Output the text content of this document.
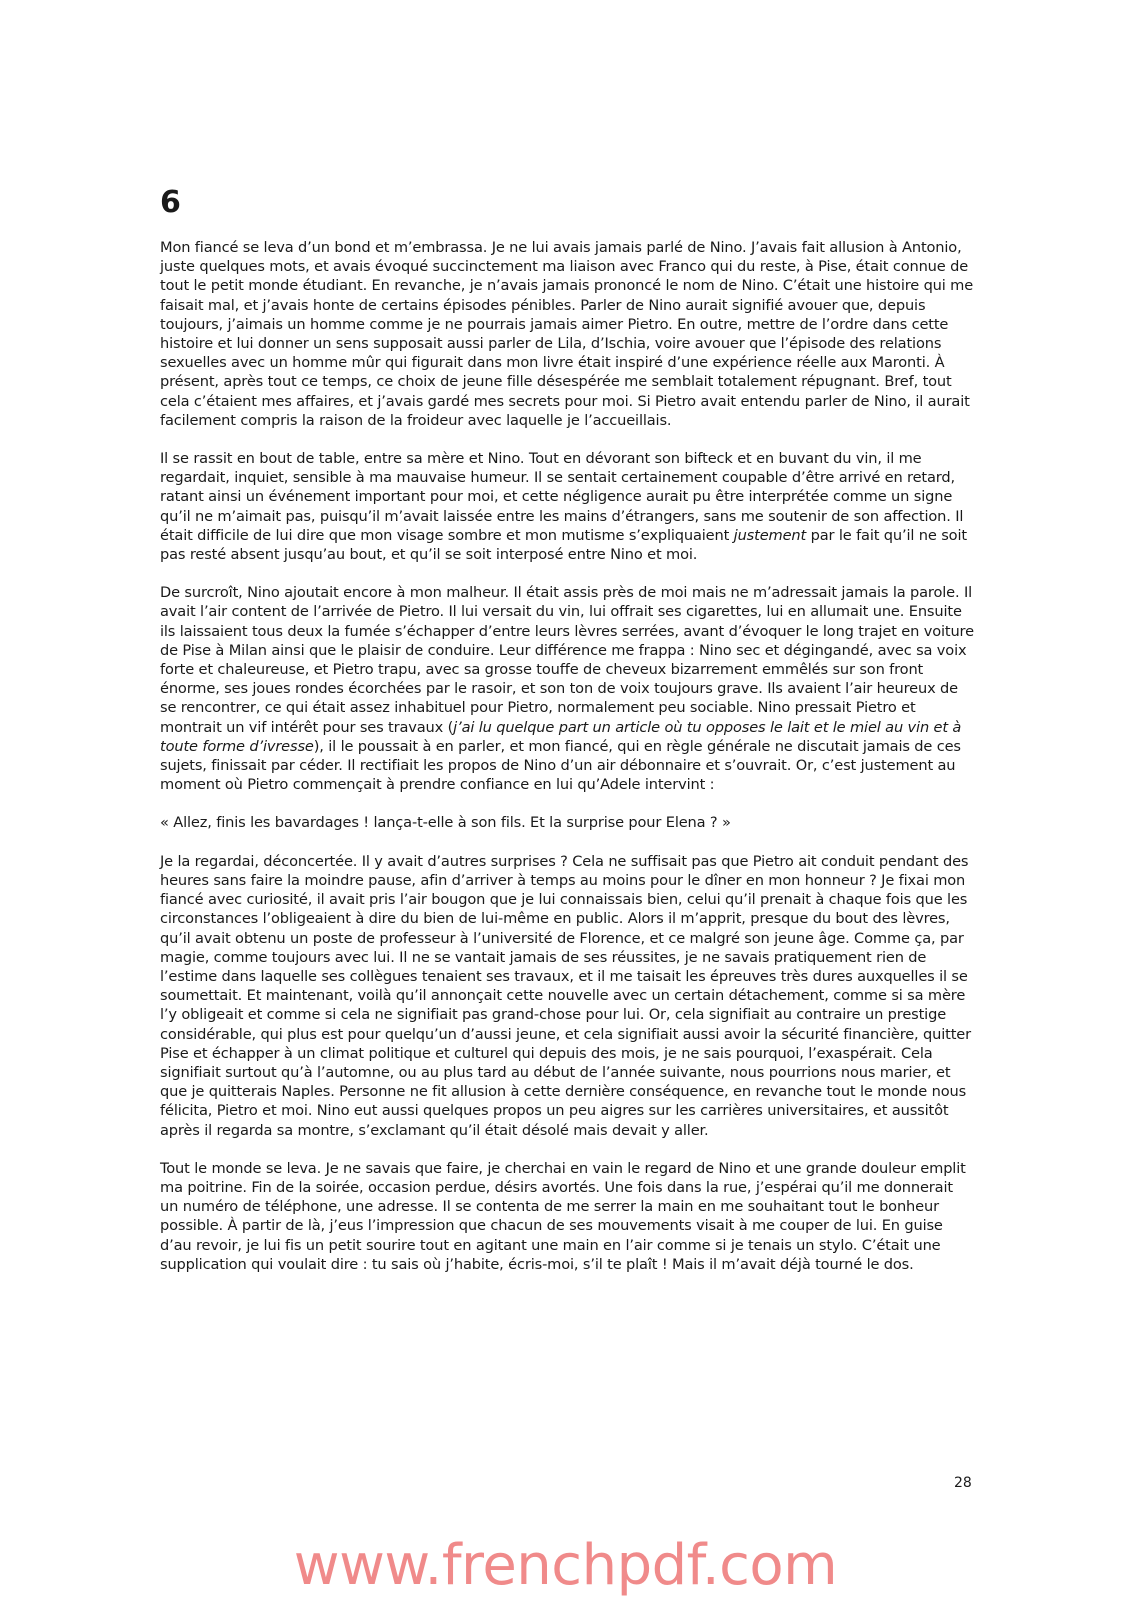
6

Mon fiancé se leva d’un bond et m’embrassa. Je ne lui avais jamais parlé de Nino. J’avais fait allusion à Antonio, juste quelques mots, et avais évoqué succinctement ma liaison avec Franco qui du reste, à Pise, était connue de tout le petit monde étudiant. En revanche, je n’avais jamais prononcé le nom de Nino. C’était une histoire qui me faisait mal, et j’avais honte de certains épisodes pénibles. Parler de Nino aurait signifié avouer que, depuis toujours, j’aimais un homme comme je ne pourrais jamais aimer Pietro. En outre, mettre de l’ordre dans cette histoire et lui donner un sens supposait aussi parler de Lila, d’Ischia, voire avouer que l’épisode des relations sexuelles avec un homme mûr qui figurait dans mon livre était inspiré d’une expérience réelle aux Maronti. À présent, après tout ce temps, ce choix de jeune fille désespérée me semblait totalement répugnant. Bref, tout cela c’étaient mes affaires, et j’avais gardé mes secrets pour moi. Si Pietro avait entendu parler de Nino, il aurait facilement compris la raison de la froideur avec laquelle je l’accueillais.

Il se rassit en bout de table, entre sa mère et Nino. Tout en dévorant son bifteck et en buvant du vin, il me regardait, inquiet, sensible à ma mauvaise humeur. Il se sentait certainement coupable d’être arrivé en retard, ratant ainsi un événement important pour moi, et cette négligence aurait pu être interprétée comme un signe qu’il ne m’aimait pas, puisqu’il m’avait laissée entre les mains d’étrangers, sans me soutenir de son affection. Il était difficile de lui dire que mon visage sombre et mon mutisme s’expliquaient justement par le fait qu’il ne soit pas resté absent jusqu’au bout, et qu’il se soit interposé entre Nino et moi.

De surcroît, Nino ajoutait encore à mon malheur. Il était assis près de moi mais ne m’adressait jamais la parole. Il avait l’air content de l’arrivée de Pietro. Il lui versait du vin, lui offrait ses cigarettes, lui en allumait une. Ensuite ils laissaient tous deux la fumée s’échapper d’entre leurs lèvres serrées, avant d’évoquer le long trajet en voiture de Pise à Milan ainsi que le plaisir de conduire. Leur différence me frappa : Nino sec et dégingandé, avec sa voix forte et chaleureuse, et Pietro trapu, avec sa grosse touffe de cheveux bizarrement emmêlés sur son front énorme, ses joues rondes écorchées par le rasoir, et son ton de voix toujours grave. Ils avaient l’air heureux de se rencontrer, ce qui était assez inhabituel pour Pietro, normalement peu sociable. Nino pressait Pietro et montrait un vif intérêt pour ses travaux (j’ai lu quelque part un article où tu opposes le lait et le miel au vin et à toute forme d’ivresse), il le poussait à en parler, et mon fiancé, qui en règle générale ne discutait jamais de ces sujets, finissait par céder. Il rectifiait les propos de Nino d’un air débonnaire et s’ouvrait. Or, c’est justement au moment où Pietro commençait à prendre confiance en lui qu’Adele intervint :

« Allez, finis les bavardages ! lança-t-elle à son fils. Et la surprise pour Elena ? »

Je la regardai, déconcertée. Il y avait d’autres surprises ? Cela ne suffisait pas que Pietro ait conduit pendant des heures sans faire la moindre pause, afin d’arriver à temps au moins pour le dîner en mon honneur ? Je fixai mon fiancé avec curiosité, il avait pris l’air bougon que je lui connaissais bien, celui qu’il prenait à chaque fois que les circonstances l’obligeaient à dire du bien de lui-même en public. Alors il m’apprit, presque du bout des lèvres, qu’il avait obtenu un poste de professeur à l’université de Florence, et ce malgré son jeune âge. Comme ça, par magie, comme toujours avec lui. Il ne se vantait jamais de ses réussites, je ne savais pratiquement rien de l’estime dans laquelle ses collègues tenaient ses travaux, et il me taisait les épreuves très dures auxquelles il se soumettait. Et maintenant, voilà qu’il annonçait cette nouvelle avec un certain détachement, comme si sa mère l’y obligeait et comme si cela ne signifiait pas grand-chose pour lui. Or, cela signifiait au contraire un prestige considérable, qui plus est pour quelqu’un d’aussi jeune, et cela signifiait aussi avoir la sécurité financière, quitter Pise et échapper à un climat politique et culturel qui depuis des mois, je ne sais pourquoi, l’exaspérait. Cela signifiait surtout qu’à l’automne, ou au plus tard au début de l’année suivante, nous pourrions nous marier, et que je quitterais Naples. Personne ne fit allusion à cette dernière conséquence, en revanche tout le monde nous félicita, Pietro et moi. Nino eut aussi quelques propos un peu aigres sur les carrières universitaires, et aussitôt après il regarda sa montre, s’exclamant qu’il était désolé mais devait y aller.

Tout le monde se leva. Je ne savais que faire, je cherchai en vain le regard de Nino et une grande douleur emplit ma poitrine. Fin de la soirée, occasion perdue, désirs avortés. Une fois dans la rue, j’espérai qu’il me donnerait un numéro de téléphone, une adresse. Il se contenta de me serrer la main en me souhaitant tout le bonheur possible. À partir de là, j’eus l’impression que chacun de ses mouvements visait à me couper de lui. En guise d’au revoir, je lui fis un petit sourire tout en agitant une main en l’air comme si je tenais un stylo. C’était une supplication qui voulait dire : tu sais où j’habite, écris-moi, s’il te plaît ! Mais il m’avait déjà tourné le dos.

28
www.frenchpdf.com
